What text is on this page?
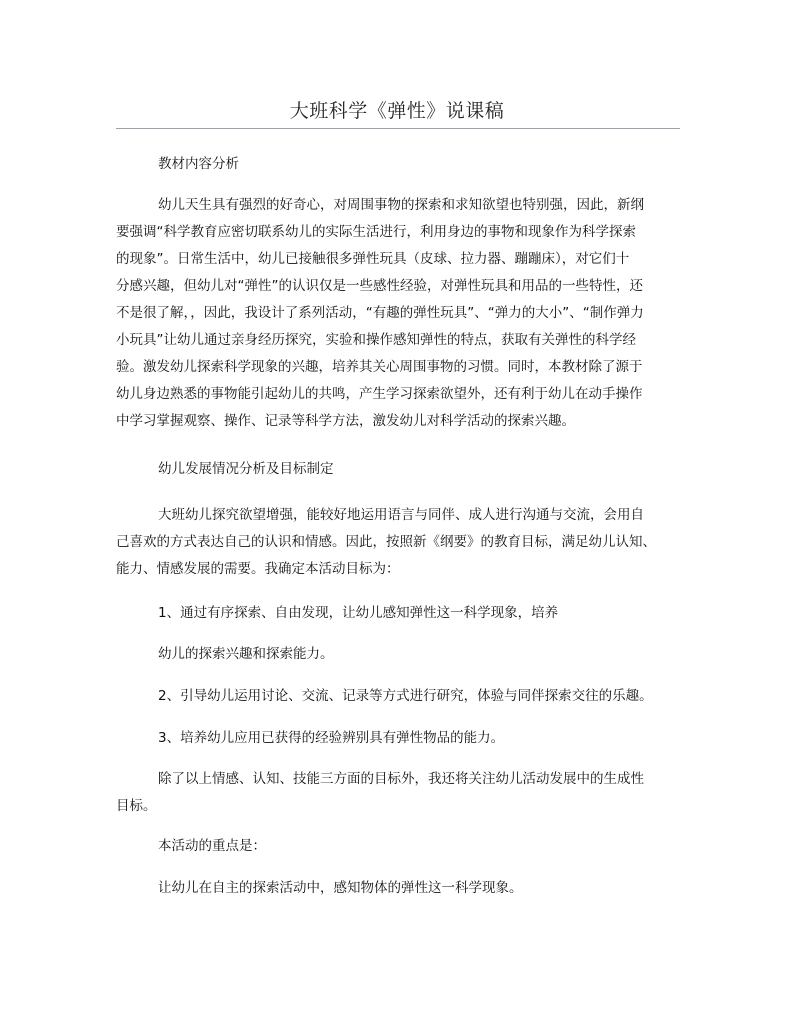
大班科学《弹性》说课稿
教材内容分析
幼儿天生具有强烈的好奇心，对周围事物的探索和求知欲望也特别强，因此，新纲
要强调“科学教育应密切联系幼儿的实际生活进行，利用身边的事物和现象作为科学探索
的现象”。日常生活中，幼儿已接触很多弹性玩具（皮球、拉力器、蹦蹦床），对它们十
分感兴趣，但幼儿对“弹性”的认识仅是一些感性经验，对弹性玩具和用品的一些特性，还
不是很了解，，因此，我设计了系列活动，“有趣的弹性玩具”、“弹力的大小”、“制作弹力
小玩具”让幼儿通过亲身经历探究，实验和操作感知弹性的特点，获取有关弹性的科学经
验。激发幼儿探索科学现象的兴趣，培养其关心周围事物的习惯。同时，本教材除了源于
幼儿身边熟悉的事物能引起幼儿的共鸣，产生学习探索欲望外，还有利于幼儿在动手操作
中学习掌握观察、操作、记录等科学方法，激发幼儿对科学活动的探索兴趣。
幼儿发展情况分析及目标制定
大班幼儿探究欲望增强，能较好地运用语言与同伴、成人进行沟通与交流，会用自
己喜欢的方式表达自己的认识和情感。因此，按照新《纲要》的教育目标，满足幼儿认知、
能力、情感发展的需要。我确定本活动目标为：
1、通过有序探索、自由发现，让幼儿感知弹性这一科学现象，培养
幼儿的探索兴趣和探索能力。
2、引导幼儿运用讨论、交流、记录等方式进行研究，体验与同伴探索交往的乐趣。
3、培养幼儿应用已获得的经验辨别具有弹性物品的能力。
除了以上情感、认知、技能三方面的目标外，我还将关注幼儿活动发展中的生成性
目标。
本活动的重点是：
让幼儿在自主的探索活动中，感知物体的弹性这一科学现象。
